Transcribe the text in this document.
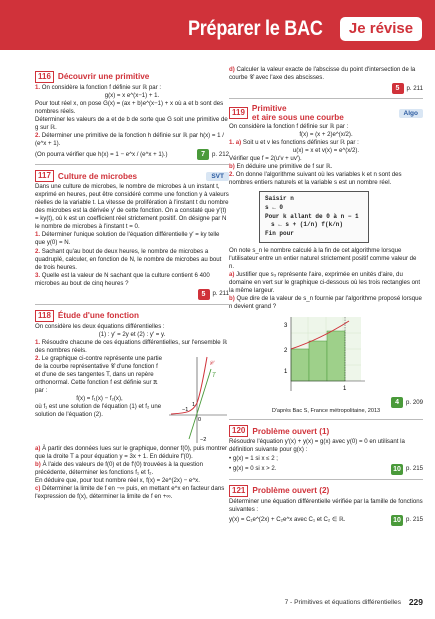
Préparer le BAC	Je révise
116 Découvrir une primitive

1. On considère la fonction f définie sur ℝ par :

g(x) = x e^(x−1) + 1.

Pour tout réel x, on pose G(x) = (ax + b)e^(x−1) + x où a et b sont des nombres réels.

Déterminer les valeurs de a et de b de sorte que G soit une primitive de g sur ℝ.

2. Déterminer une primitive de la fonction h définie sur ℝ par h(x) = 1 / (e^x + 1).

(On pourra vérifier que h(x) = 1 − e^x / (e^x + 1).)	7	p. 212
117 Culture de microbes	SVT

Dans une culture de microbes, le nombre de microbes à un instant t, exprimé en heures, peut être considéré comme une fonction y à valeurs réelles de la variable t. La vitesse de prolifération à l'instant t du nombre des microbes est la dérivée y′ de cette fonction. On a constaté que y′(t) = ky(t), où k est un coefficient réel strictement positif. On désigne par N le nombre de microbes à l'instant t = 0.

1. Déterminer l'unique solution de l'équation différentielle y′ = ky telle que y(0) = N.

2. Sachant qu'au bout de deux heures, le nombre de microbes a quadruplé, calculer, en fonction de N, le nombre de microbes au bout de trois heures.

3. Quelle est la valeur de N sachant que la culture contient 6 400 microbes au bout de cinq heures ?

5	p. 211
118 Étude d'une fonction

On considère les deux équations différentielles :

(1) : y′ = 2y et (2) : y′ = y.

1. Résoudre chacune de ces équations différentielles, sur l'ensemble ℝ des nombres réels.

𝒞
T
1
−1
0
−2

2. Le graphique ci-contre représente une partie de la courbe représentative 𝒞 d'une fonction f et d'une de ses tangentes T, dans un repère orthonormal. Cette fonction f est définie sur ℝ par :

f(x) = f₁(x) − f₂(x),

où f₁ est une solution de l'équation (1) et f₂ une solution de l'équation (2).

a) À partir des données lues sur le graphique, donner f(0), puis montrer que la droite T a pour équation y = 3x + 1. En déduire f′(0).

b) À l'aide des valeurs de f(0) et de f′(0) trouvées à la question précédente, déterminer les fonctions f₁ et f₂.

En déduire que, pour tout nombre réel x, f(x) = 2e^(2x) − e^x.

c) Déterminer la limite de f en −∞ puis, en mettant e^x en facteur dans l'expression de f(x), déterminer la limite de f en +∞.

d) Calculer la valeur exacte de l'abscisse du point d'intersection de la courbe 𝒞 avec l'axe des abscisses.

5	p. 211
119 Primitive
et aire sous une courbe	Algo

On considère la fonction f définie sur ℝ par :

f(x) = (x + 2)e^(x/2).

1. a) Soit u et v les fonctions définies sur ℝ par :

u(x) = x et v(x) = e^(x/2).

Vérifier que f = 2(u′v + uv′).

b) En déduire une primitive de f sur ℝ.

2. On donne l'algorithme suivant où les variables k et n sont des nombres entiers naturels et la variable s est un nombre réel.

Saisir n
s ← 0
Pour k allant de 0 à n − 1
s ← s + (1/n) f(k/n)
Fin pour

On note s_n le nombre calculé à la fin de cet algorithme lorsque l'utilisateur entre un entier naturel strictement positif comme valeur de n.

a) Justifier que s₃ représente l'aire, exprimée en unités d'aire, du domaine en vert sur le graphique ci-dessous où les trois rectangles ont la même largeur.

b) Que dire de la valeur de s_n fournie par l'algorithme proposé lorsque n devient grand ?

3
2
1
1
4	p. 209

D'après Bac S, France métropolitaine, 2013

120 Problème ouvert (1)

Résoudre l'équation y′(x) + y(x) = g(x) avec y(0) = 0 en utilisant la définition suivante pour g(x) :

• g(x) = 1 si x ≤ 2 ;

• g(x) = 0 si x > 2.	10 p. 215
121 Problème ouvert (2)

Déterminer une équation différentielle vérifiée par la famille de fonctions suivantes :

y(x) = C₁e^(2x) + C₂e^x avec C₁ et C₂ ∈ ℝ.	10 p. 215
7 - Primitives et équations différentielles 229
